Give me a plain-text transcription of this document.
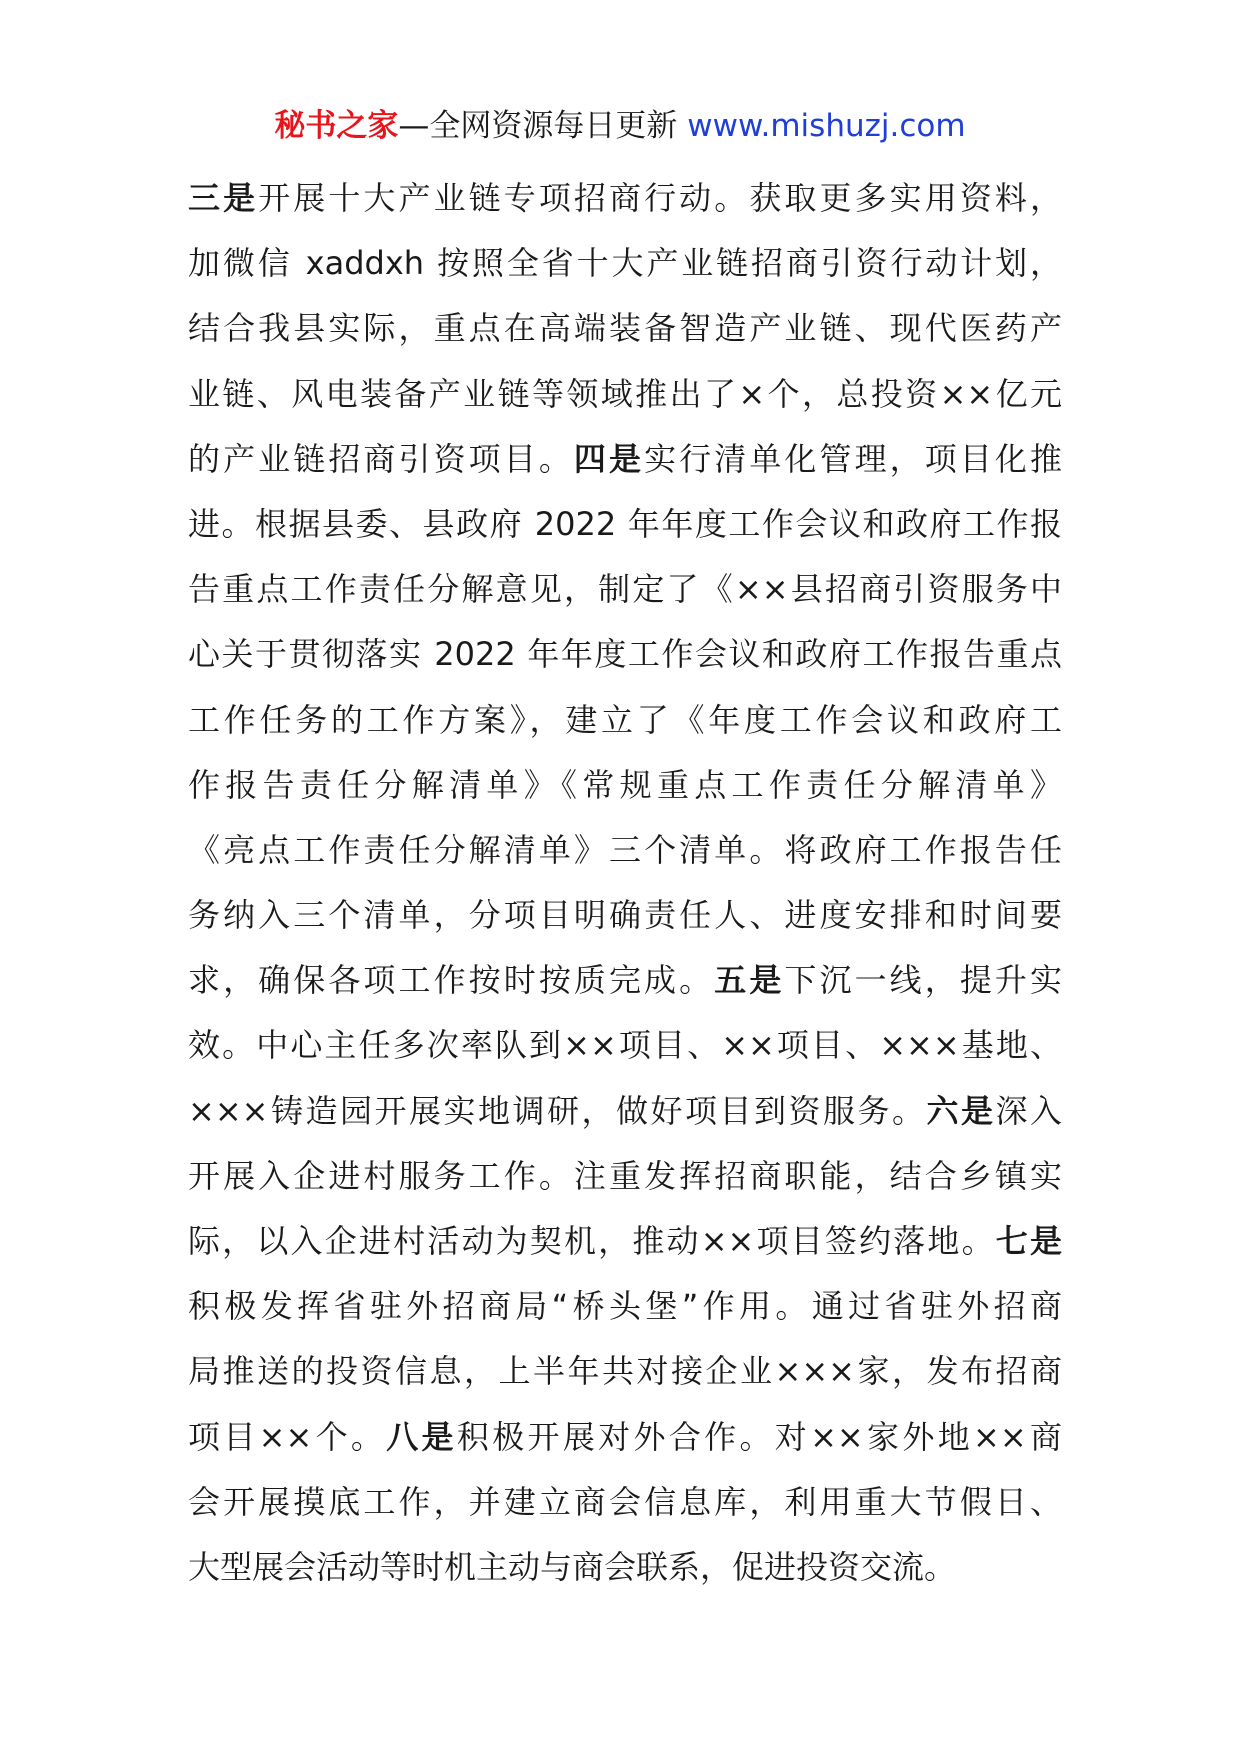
秘书之家—全网资源每日更新 www.mishuzj.com
三是开展十大产业链专项招商行动。获取更多实用资料，
加微信 xaddxh 按照全省十大产业链招商引资行动计划，
结合我县实际，重点在高端装备智造产业链、现代医药产
业链、风电装备产业链等领域推出了×个，总投资××亿元
的产业链招商引资项目。四是实行清单化管理，项目化推
进。根据县委、县政府 2022 年年度工作会议和政府工作报
告重点工作责任分解意见，制定了《××县招商引资服务中
心关于贯彻落实 2022 年年度工作会议和政府工作报告重点
工作任务的工作方案》，建立了《年度工作会议和政府工
作报告责任分解清单》《常规重点工作责任分解清单》
《亮点工作责任分解清单》三个清单。将政府工作报告任
务纳入三个清单，分项目明确责任人、进度安排和时间要
求，确保各项工作按时按质完成。五是下沉一线，提升实
效。中心主任多次率队到××项目、××项目、×××基地、
×××铸造园开展实地调研，做好项目到资服务。六是深入
开展入企进村服务工作。注重发挥招商职能，结合乡镇实
际，以入企进村活动为契机，推动××项目签约落地。七是
积极发挥省驻外招商局“桥头堡”作用。通过省驻外招商
局推送的投资信息，上半年共对接企业×××家，发布招商
项目××个。八是积极开展对外合作。对××家外地××商
会开展摸底工作，并建立商会信息库，利用重大节假日、
大型展会活动等时机主动与商会联系，促进投资交流。
